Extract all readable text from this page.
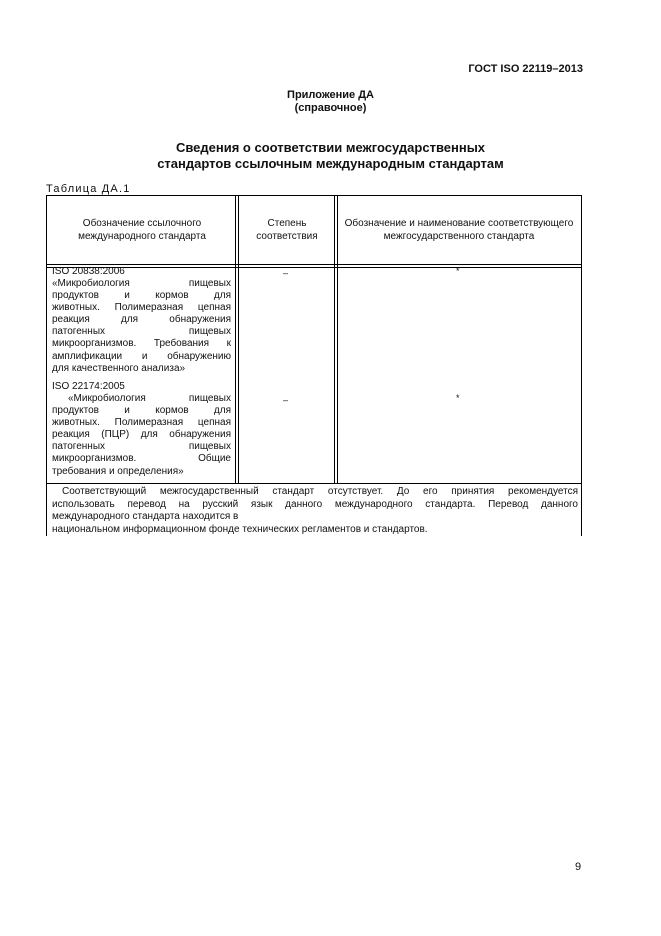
ГОСТ ISO 22119–2013
Приложение ДА
(справочное)
Сведения о соответствии межгосударственных
стандартов ссылочным международным стандартам
Таблица ДА.1
Обозначение ссылочного международного стандарта
Степень соответствия
Обозначение и наименование соответствующего межгосударственного стандарта
ISO 20838:2006
«Микробиология пищевых
продуктов и кормов для
животных. Полимеразная цепная
реакция для обнаружения
патогенных пищевых
микроорганизмов. Требования к
амплификации и обнаружению
для качественного анализа»
–	*
ISO 22174:2005
«Микробиология пищевых
продуктов и кормов для
животных. Полимеразная цепная
реакция (ПЦР) для обнаружения
патогенных пищевых
микроорганизмов. Общие
требования и определения»
–	*
Соответствующий межгосударственный стандарт отсутствует. До его принятия рекомендуется
использовать перевод на русский язык данного международного стандарта. Перевод данного
международного стандарта находится в
национальном информационном фонде технических регламентов и стандартов.
9
